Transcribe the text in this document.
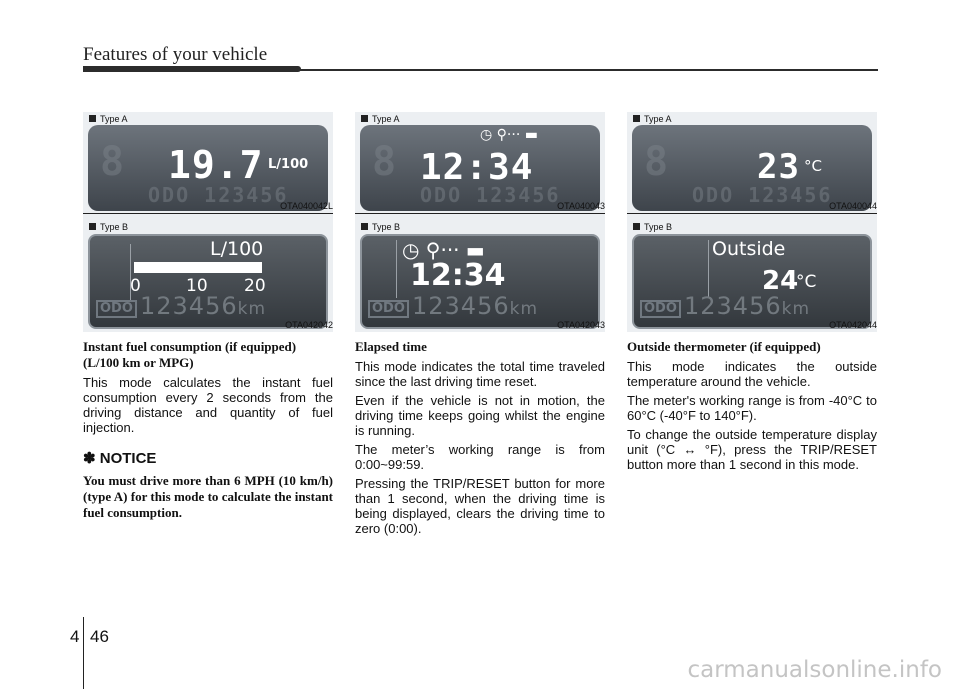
Features of your vehicle
Type A
8 19.7 L/100
ODO 123456
OTA040042L
Type B
L/100
0	10 20
ODO 123456km
OTA042042

Instant fuel consumption (if equipped) (L/100 km or MPG)

This mode calculates the instant fuel consumption every 2 seconds from the driving distance and quantity of fuel injection.

✽ NOTICE

You must drive more than 6 MPH (10 km/h) (type A) for this mode to calculate the instant fuel consumption.

Type A
8
◷ ⚲··· ▬
12:34
ODO 123456
OTA040043
Type B
◷ ⚲··· ▬
12:34
ODO 123456km
OTA042043

Elapsed time

This mode indicates the total time traveled since the last driving time reset.

Even if the vehicle is not in motion, the driving time keeps going whilst the engine is running.

The meter’s working range is from 0:00~99:59.

Pressing the TRIP/RESET button for more than 1 second, when the driving time is being displayed, clears the driving time to zero (0:00).

Type A
8	23 °C
ODO 123456
OTA040044
Type B
Outside
24
°C
ODO 123456km
OTA042044

Outside thermometer (if equipped)

This mode indicates the outside temperature around the vehicle.

The meter's working range is from -40°C to 60°C (-40°F to 140°F).

To change the outside temperature display unit (°C ↔ °F), press the TRIP/RESET button more than 1 second in this mode.

4 46
carmanualsonline.info
